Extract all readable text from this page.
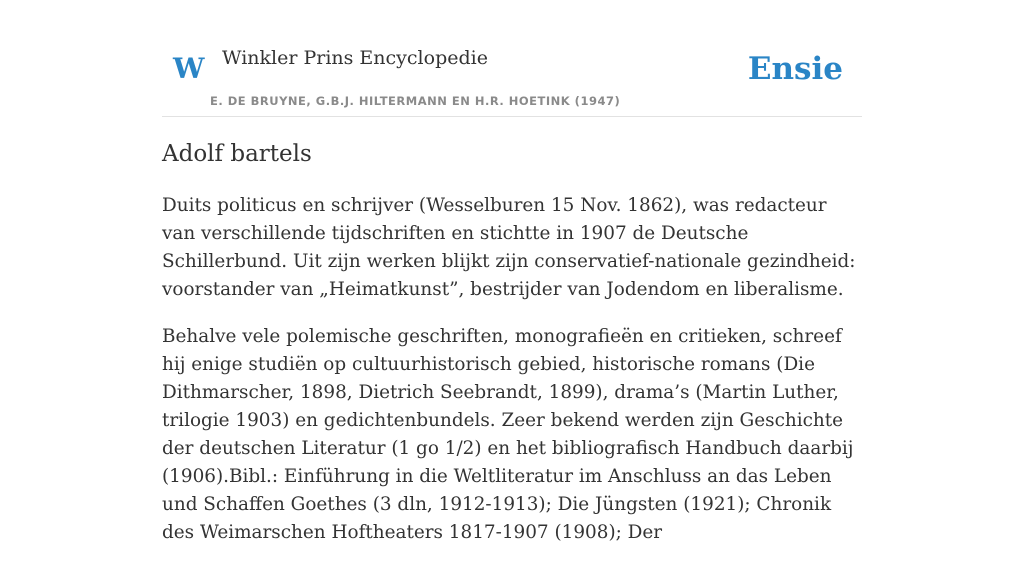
W Winkler Prins Encyclopedie
E. DE BRUYNE, G.B.J. HILTERMANN EN H.R. HOETINK (1947)
Ensie
Adolf bartels

Duits politicus en schrijver (Wesselburen 15 Nov. 1862), was redacteur van verschillende tijdschriften en stichtte in 1907 de Deutsche Schillerbund. Uit zijn werken blijkt zijn conservatief-nationale gezindheid: voorstander van „Heimatkunst”, bestrijder van Jodendom en liberalisme.

Behalve vele polemische geschriften, monografieën en critieken, schreef hij enige studiën op cultuurhistorisch gebied, historische romans (Die Dithmarscher, 1898, Dietrich Seebrandt, 1899), drama’s (Martin Luther, trilogie 1903) en gedichtenbundels. Zeer bekend werden zijn Geschichte der deutschen Literatur (1 go 1/2) en het bibliografisch Handbuch daarbij (1906).Bibl.: Einführung in die Weltliteratur im Anschluss an das Leben und Schaffen Goethes (3 dln, 1912-1913); Die Jüngsten (1921); Chronik des Weimarschen Hoftheaters 1817-1907 (1908); Der
